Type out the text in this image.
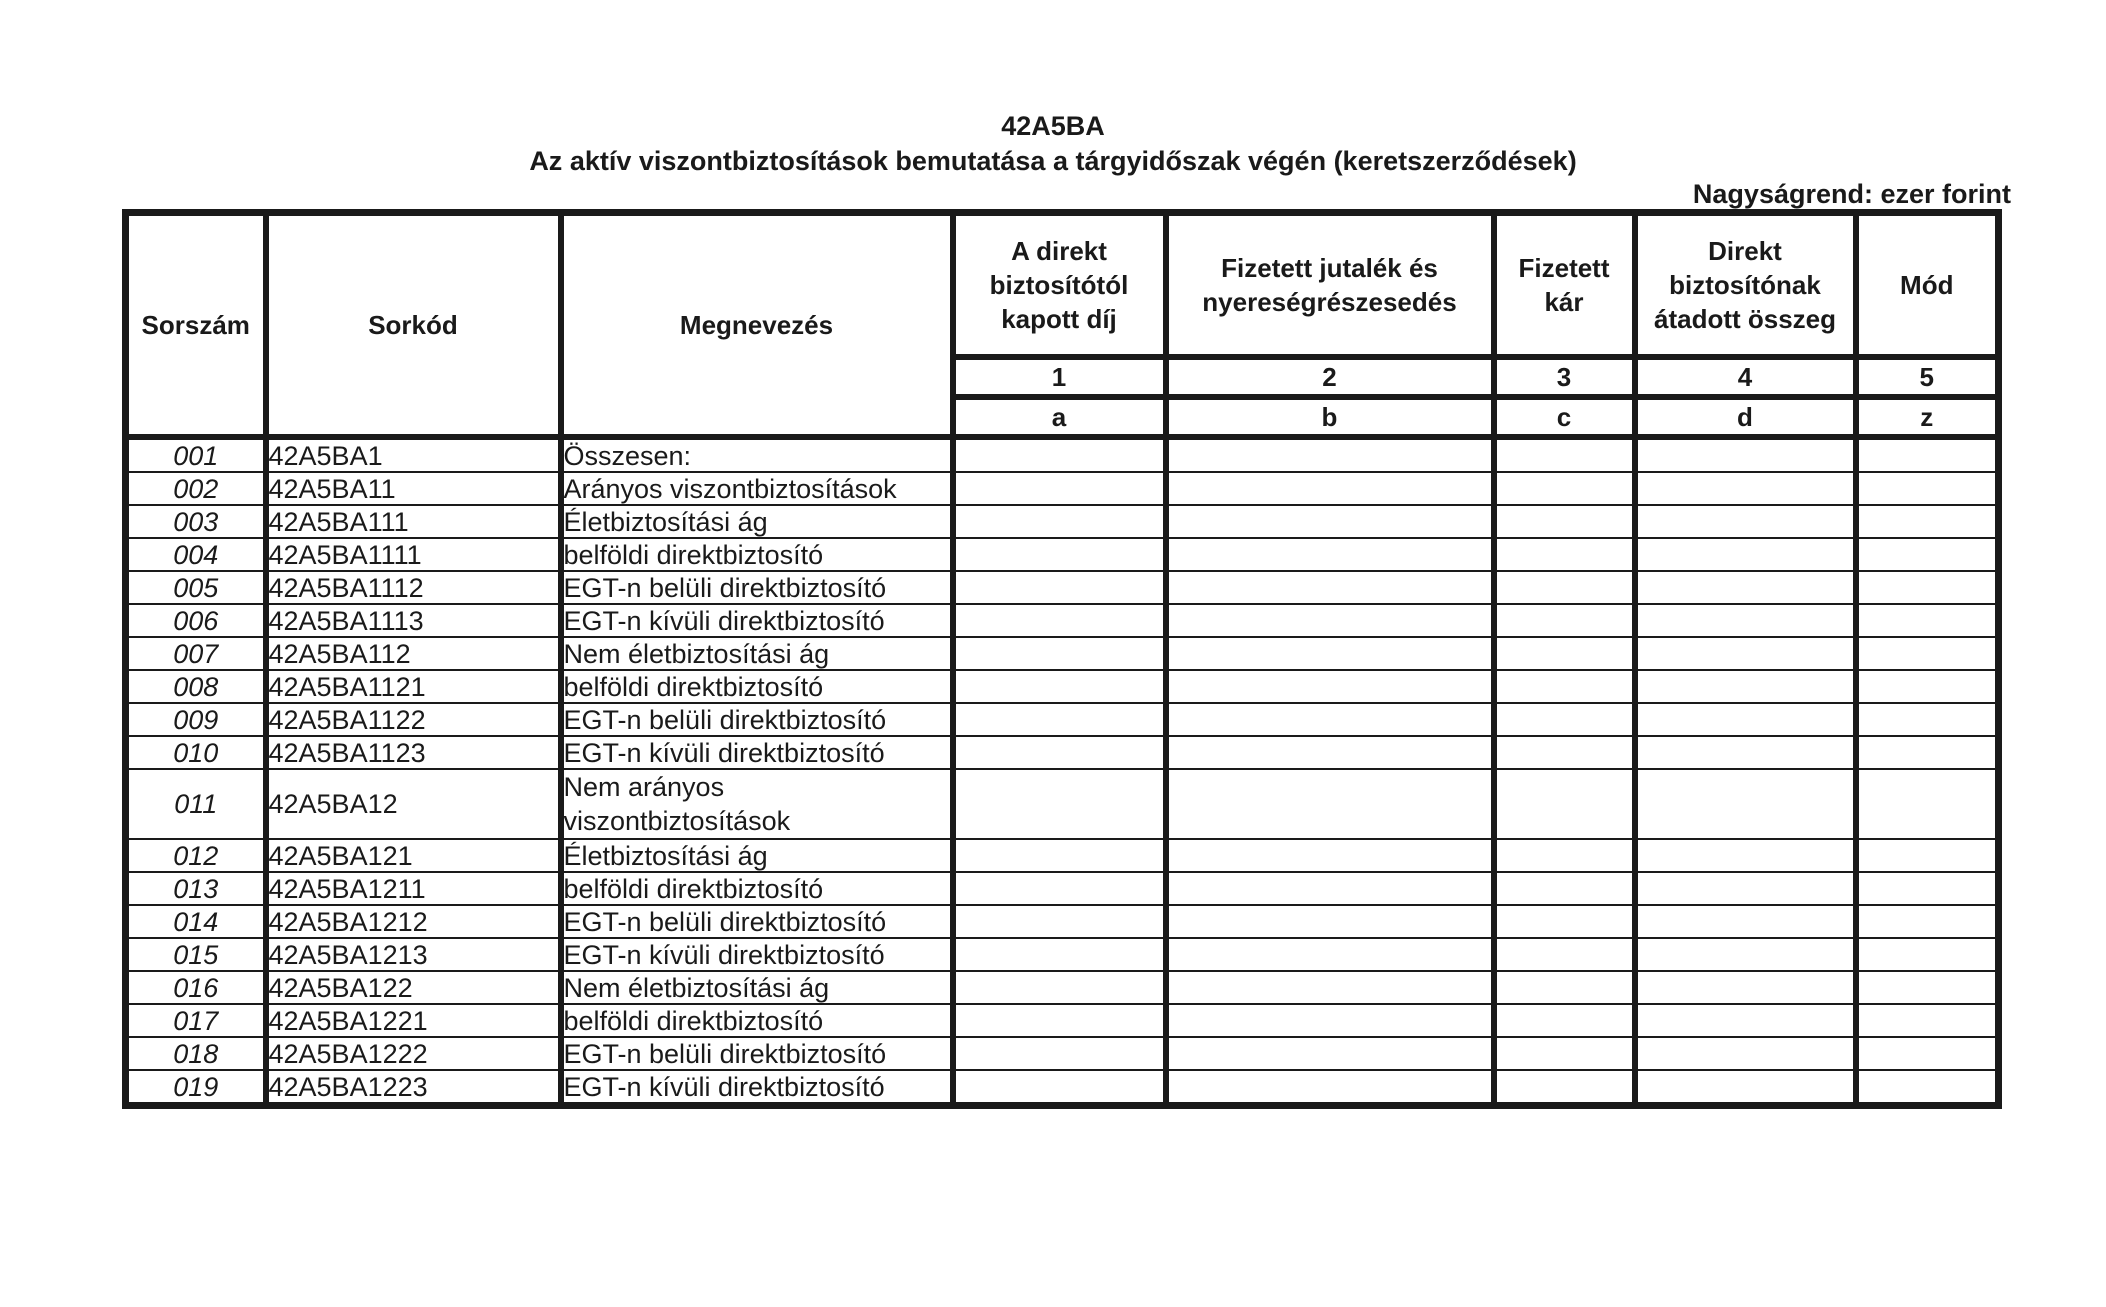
42A5BA
Az aktív viszontbiztosítások bemutatása a tárgyidőszak végén (keretszerződések)
Nagyságrend: ezer forint
Sorszám	Sorkód	Megnevezés	A direkt biztosítótól kapott díj	Fizetett jutalék és nyereségrészesedés	Fizetett kár	Direkt biztosítónak átadott összeg	Mód
			1	2	3	4	5
			a	b	c	d	z
001	42A5BA1	Összesen:					
002	42A5BA11	Arányos viszontbiztosítások					
003	42A5BA111	Életbiztosítási ág					
004	42A5BA1111	belföldi direktbiztosító					
005	42A5BA1112	EGT-n belüli direktbiztosító					
006	42A5BA1113	EGT-n kívüli direktbiztosító					
007	42A5BA112	Nem életbiztosítási ág					
008	42A5BA1121	belföldi direktbiztosító					
009	42A5BA1122	EGT-n belüli direktbiztosító					
010	42A5BA1123	EGT-n kívüli direktbiztosító					
011	42A5BA12	Nem arányos viszontbiztosítások					
012	42A5BA121	Életbiztosítási ág					
013	42A5BA1211	belföldi direktbiztosító					
014	42A5BA1212	EGT-n belüli direktbiztosító					
015	42A5BA1213	EGT-n kívüli direktbiztosító					
016	42A5BA122	Nem életbiztosítási ág					
017	42A5BA1221	belföldi direktbiztosító					
018	42A5BA1222	EGT-n belüli direktbiztosító					
019	42A5BA1223	EGT-n kívüli direktbiztosító					
